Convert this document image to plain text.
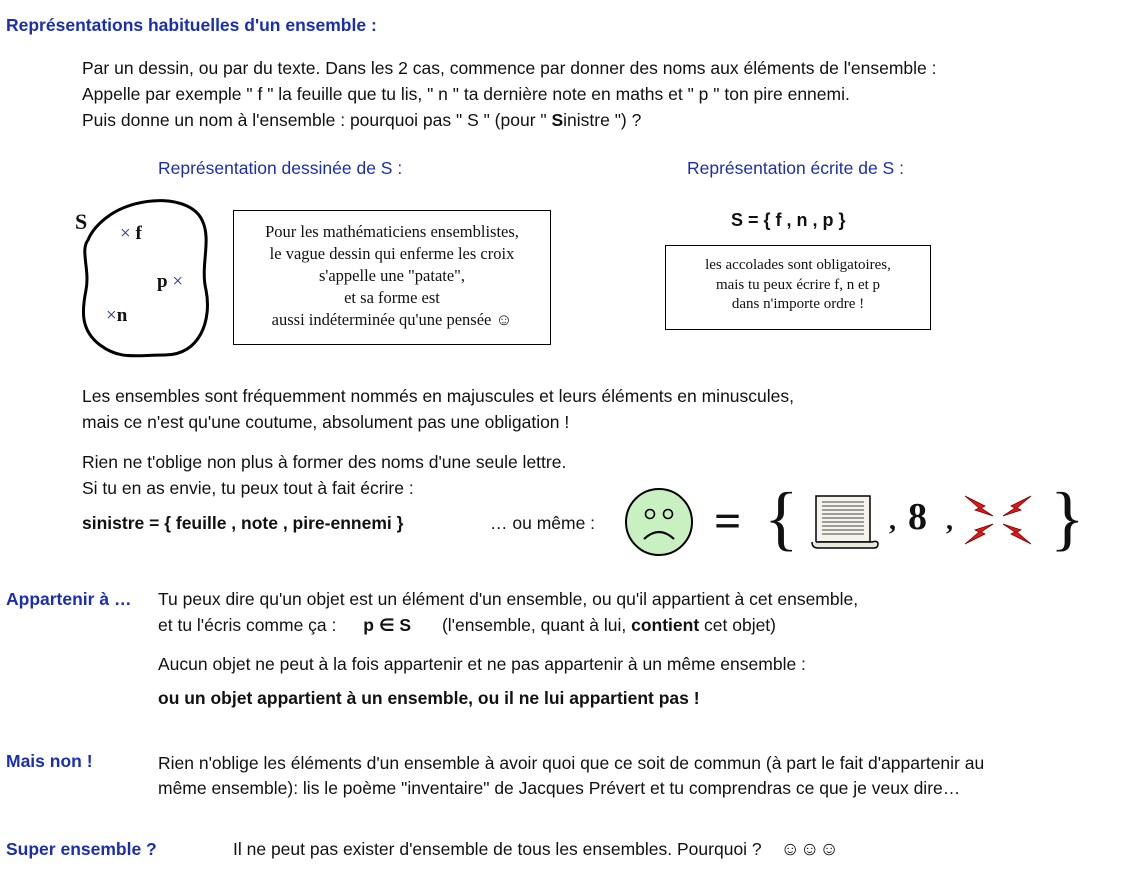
Représentations habituelles d'un ensemble :
Par un dessin, ou par du texte. Dans les 2 cas, commence par donner des noms aux éléments de l'ensemble :
Appelle par exemple " f " la feuille que tu lis, " n " ta dernière note en maths et " p " ton pire ennemi.
Puis donne un nom à l'ensemble : pourquoi pas " S " (pour " Sinistre ") ?
Représentation dessinée de S :	Représentation écrite de S :
S × f
p ×
×n
Pour les mathématiciens ensemblistes,
le vague dessin qui enferme les croix
s'appelle une "patate",
et sa forme est
aussi indéterminée qu'une pensée ☺
S = { f , n , p }
les accolades sont obligatoires,
mais tu peux écrire f, n et p
dans n'importe ordre !
Les ensembles sont fréquemment nommés en majuscules et leurs éléments en minuscules,
mais ce n'est qu'une coutume, absolument pas une obligation !
Rien ne t'oblige non plus à former des noms d'une seule lettre.
Si tu en as envie, tu peux tout à fait écrire :
sinistre = { feuille , note , pire-ennemi }	… ou même : = {	, 8 , }
Appartenir à … Tu peux dire qu'un objet est un élément d'un ensemble, ou qu'il appartient à cet ensemble,
et tu l'écris comme ça : p ∈ S (l'ensemble, quant à lui, contient cet objet)
Aucun objet ne peut à la fois appartenir et ne pas appartenir à un même ensemble :
ou un objet appartient à un ensemble, ou il ne lui appartient pas !
Mais non !	Rien n'oblige les éléments d'un ensemble à avoir quoi que ce soit de commun (à part le fait d'appartenir au
même ensemble): lis le poème "inventaire" de Jacques Prévert et tu comprendras ce que je veux dire…
Super ensemble ?	Il ne peut pas exister d'ensemble de tous les ensembles. Pourquoi ? ☺☺☺
